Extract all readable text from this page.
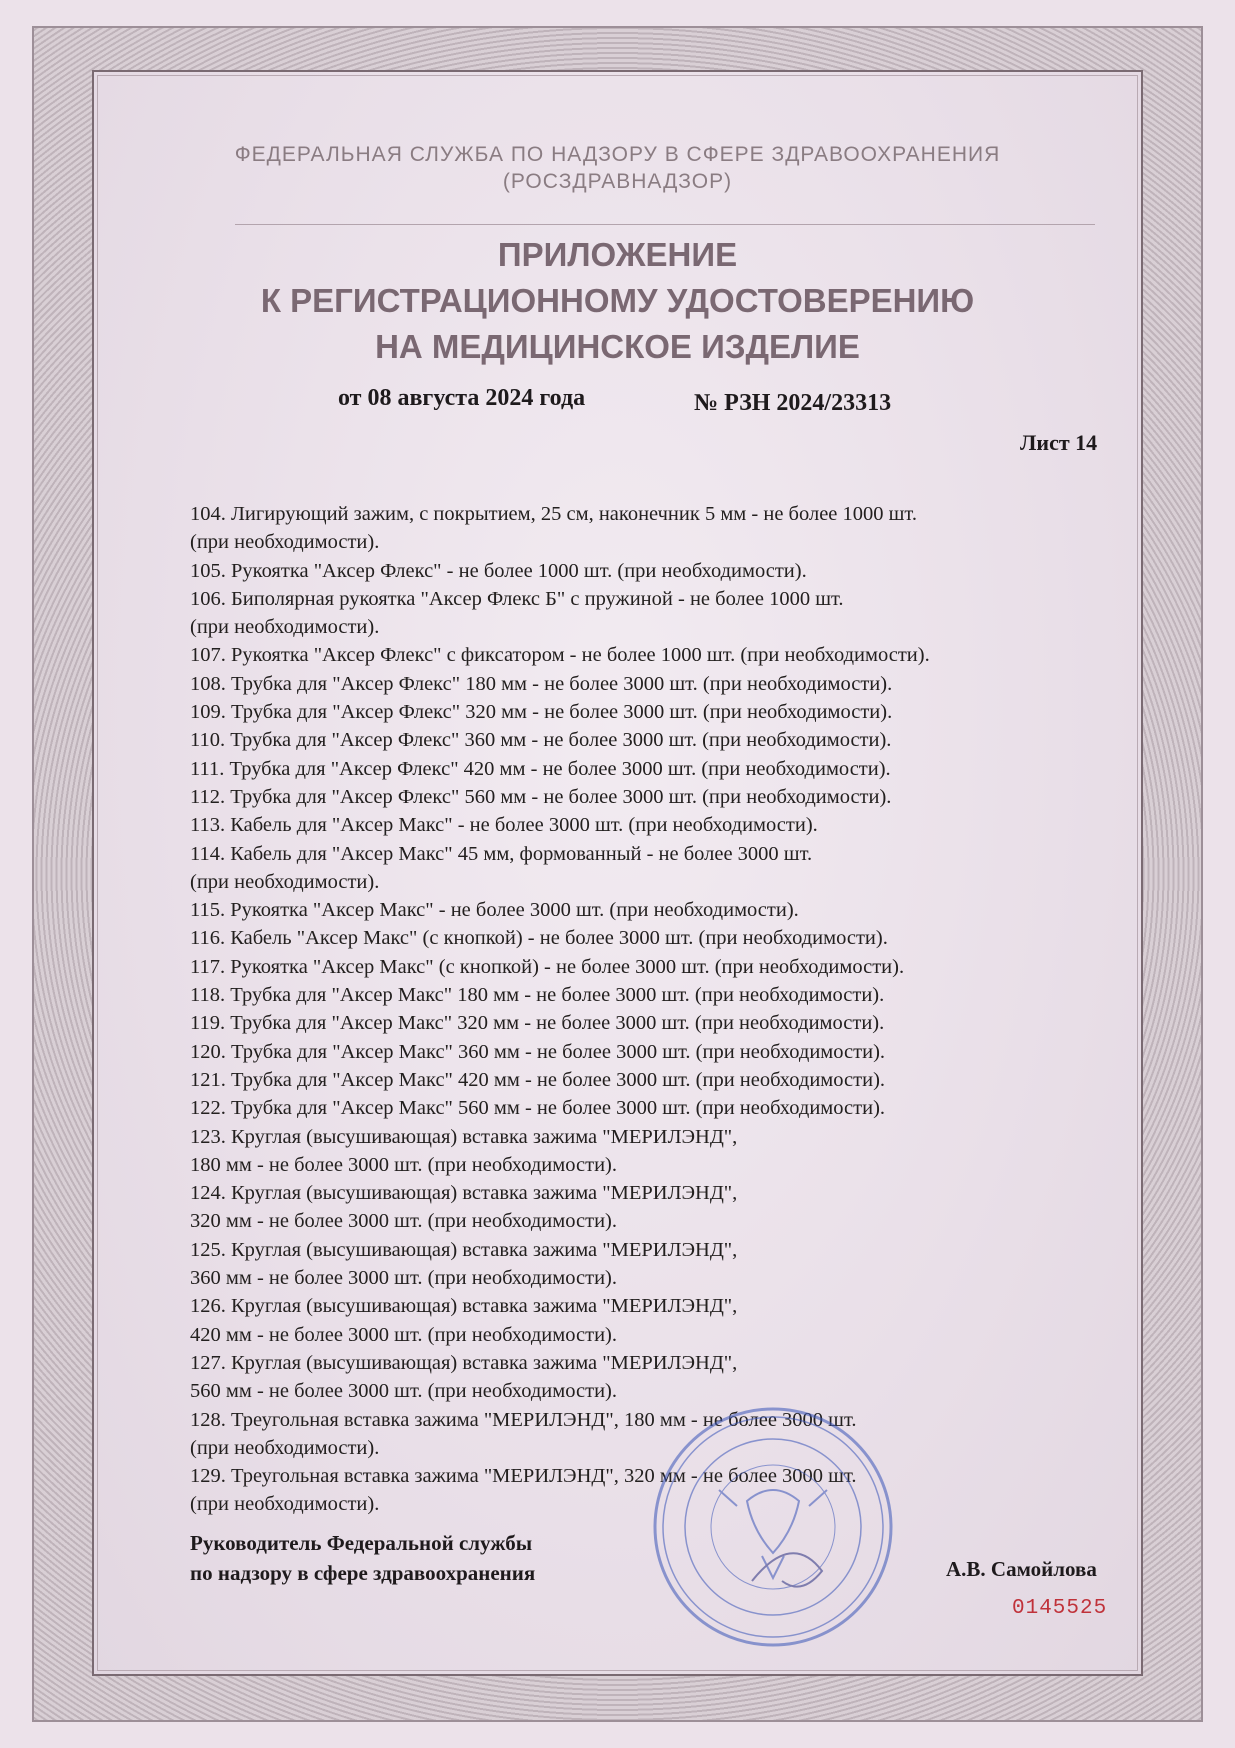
ФЕДЕРАЛЬНАЯ СЛУЖБА ПО НАДЗОРУ В СФЕРЕ ЗДРАВООХРАНЕНИЯ
(РОСЗДРАВНАДЗОР)
ПРИЛОЖЕНИЕ
К РЕГИСТРАЦИОННОМУ УДОСТОВЕРЕНИЮ
НА МЕДИЦИНСКОЕ ИЗДЕЛИЕ
от 08 августа 2024 года	№ РЗН 2024/23313
Лист 14
104. Лигирующий зажим, с покрытием, 25 см, наконечник 5 мм - не более 1000 шт.
(при необходимости).
105. Рукоятка "Аксер Флекс" - не более 1000 шт. (при необходимости).
106. Биполярная рукоятка "Аксер Флекс Б" с пружиной - не более 1000 шт.
(при необходимости).
107. Рукоятка "Аксер Флекс" с фиксатором - не более 1000 шт. (при необходимости).
108. Трубка для "Аксер Флекс" 180 мм - не более 3000 шт. (при необходимости).
109. Трубка для "Аксер Флекс" 320 мм - не более 3000 шт. (при необходимости).
110. Трубка для "Аксер Флекс" 360 мм - не более 3000 шт. (при необходимости).
111. Трубка для "Аксер Флекс" 420 мм - не более 3000 шт. (при необходимости).
112. Трубка для "Аксер Флекс" 560 мм - не более 3000 шт. (при необходимости).
113. Кабель для "Аксер Макс" - не более 3000 шт. (при необходимости).
114. Кабель для "Аксер Макс" 45 мм, формованный - не более 3000 шт.
(при необходимости).
115. Рукоятка "Аксер Макс" - не более 3000 шт. (при необходимости).
116. Кабель "Аксер Макс" (с кнопкой) - не более 3000 шт. (при необходимости).
117. Рукоятка "Аксер Макс" (с кнопкой) - не более 3000 шт. (при необходимости).
118. Трубка для "Аксер Макс" 180 мм - не более 3000 шт. (при необходимости).
119. Трубка для "Аксер Макс" 320 мм - не более 3000 шт. (при необходимости).
120. Трубка для "Аксер Макс" 360 мм - не более 3000 шт. (при необходимости).
121. Трубка для "Аксер Макс" 420 мм - не более 3000 шт. (при необходимости).
122. Трубка для "Аксер Макс" 560 мм - не более 3000 шт. (при необходимости).
123. Круглая (высушивающая) вставка зажима "МЕРИЛЭНД",
180 мм - не более 3000 шт. (при необходимости).
124. Круглая (высушивающая) вставка зажима "МЕРИЛЭНД",
320 мм - не более 3000 шт. (при необходимости).
125. Круглая (высушивающая) вставка зажима "МЕРИЛЭНД",
360 мм - не более 3000 шт. (при необходимости).
126. Круглая (высушивающая) вставка зажима "МЕРИЛЭНД",
420 мм - не более 3000 шт. (при необходимости).
127. Круглая (высушивающая) вставка зажима "МЕРИЛЭНД",
560 мм - не более 3000 шт. (при необходимости).
128. Треугольная вставка зажима "МЕРИЛЭНД", 180 мм - не более 3000 шт.
(при необходимости).
129. Треугольная вставка зажима "МЕРИЛЭНД", 320 мм - не более 3000 шт.
(при необходимости).
Руководитель Федеральной службы
по надзору в сфере здравоохранения	А.В. Самойлова
0145525
